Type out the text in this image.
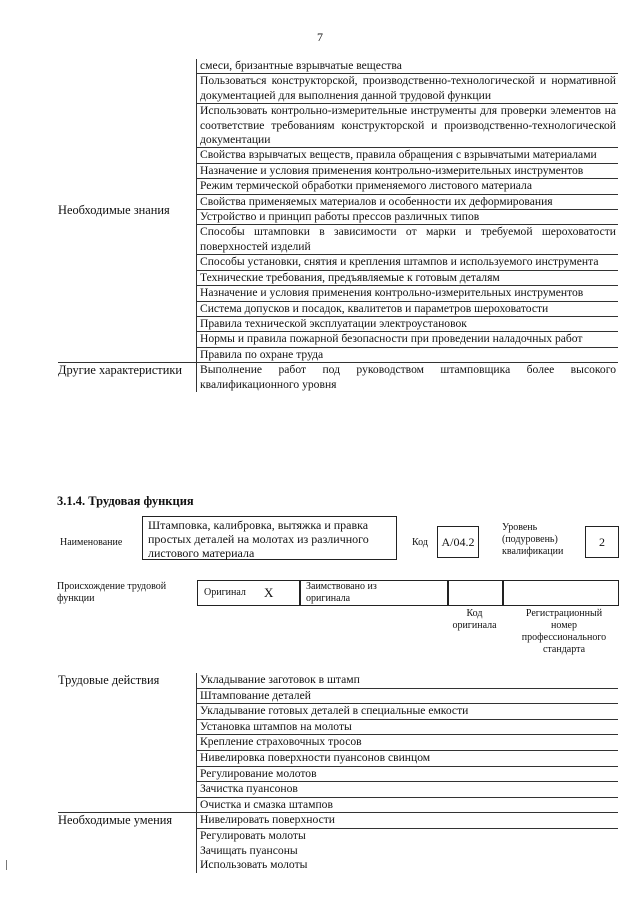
7
Необходимые знания	смеси, бризантные взрывчатые вещества
	Пользоваться конструкторской, производственно-технологической и нормативной документацией для выполнения данной трудовой функции
	Использовать контрольно-измерительные инструменты для проверки элементов на соответствие требованиям конструкторской и производственно-технологической документации
	Свойства взрывчатых веществ, правила обращения с взрывчатыми материалами
	Назначение и условия применения контрольно-измерительных инструментов
	Режим термической обработки применяемого листового материала
	Свойства применяемых материалов и особенности их деформирования
	Устройство и принцип работы прессов различных типов
	Способы штамповки в зависимости от марки и требуемой шероховатости поверхностей изделий
	Способы установки, снятия и крепления штампов и используемого инструмента
	Технические требования, предъявляемые к готовым деталям
	Назначение и условия применения контрольно-измерительных инструментов
	Система допусков и посадок, квалитетов и параметров шероховатости
	Правила технической эксплуатации электроустановок
	Нормы и правила пожарной безопасности при проведении наладочных работ
	Правила по охране труда
Другие характеристики	Выполнение работ под руководством штамповщика более высокого квалификационного уровня
3.1.4. Трудовая функция
Наименование
Штамповка, калибровка, вытяжка и правка простых деталей на молотах из различного листового материала
Код	А/04.2
Уровень (подуровень) квалификации
2
Происхождение трудовой функции
Оригинал X	Заимствовано из оригинала
Код оригинала
Регистрационный номер профессионального стандарта
Трудовые действия	Укладывание заготовок в штамп
	Штампование деталей
	Укладывание готовых деталей в специальные емкости
	Установка штампов на молоты
	Крепление страховочных тросов
	Нивелировка поверхности пуансонов свинцом
	Регулирование молотов
	Зачистка пуансонов
	Очистка и смазка штампов
Необходимые умения	Нивелировать поверхности
	Регулировать молоты
	Зачищать пуансоны
	Использовать молоты
